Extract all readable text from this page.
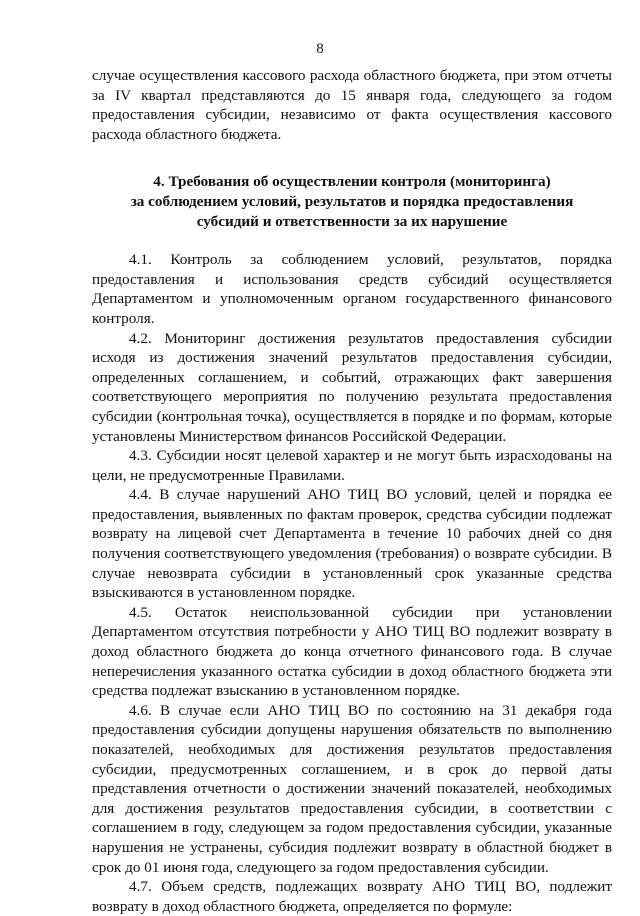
8

случае осуществления кассового расхода областного бюджета, при этом отчеты за IV квартал представляются до 15 января года, следующего за годом предоставления субсидии, независимо от факта осуществления кассового расхода областного бюджета.

4. Требования об осуществлении контроля (мониторинга)
за соблюдением условий, результатов и порядка предоставления
субсидий и ответственности за их нарушение

4.1. Контроль за соблюдением условий, результатов, порядка предоставления и использования средств субсидий осуществляется Департаментом и уполномоченным органом государственного финансового контроля.

4.2. Мониторинг достижения результатов предоставления субсидии исходя из достижения значений результатов предоставления субсидии, определенных соглашением, и событий, отражающих факт завершения соответствующего мероприятия по получению результата предоставления субсидии (контрольная точка), осуществляется в порядке и по формам, которые установлены Министерством финансов Российской Федерации.

4.3. Субсидии носят целевой характер и не могут быть израсходованы на цели, не предусмотренные Правилами.

4.4. В случае нарушений АНО ТИЦ ВО условий, целей и порядка ее предоставления, выявленных по фактам проверок, средства субсидии подлежат возврату на лицевой счет Департамента в течение 10 рабочих дней со дня получения соответствующего уведомления (требования) о возврате субсидии. В случае невозврата субсидии в установленный срок указанные средства взыскиваются в установленном порядке.

4.5. Остаток неиспользованной субсидии при установлении Департаментом отсутствия потребности у АНО ТИЦ ВО подлежит возврату в доход областного бюджета до конца отчетного финансового года. В случае неперечисления указанного остатка субсидии в доход областного бюджета эти средства подлежат взысканию в установленном порядке.

4.6. В случае если АНО ТИЦ ВО по состоянию на 31 декабря года предоставления субсидии допущены нарушения обязательств по выполнению показателей, необходимых для достижения результатов предоставления субсидии, предусмотренных соглашением, и в срок до первой даты представления отчетности о достижении значений показателей, необходимых для достижения результатов предоставления субсидии, в соответствии с соглашением в году, следующем за годом предоставления субсидии, указанные нарушения не устранены, субсидия подлежит возврату в областной бюджет в срок до 01 июня года, следующего за годом предоставления субсидии.

4.7. Объем средств, подлежащих возврату АНО ТИЦ ВО, подлежит возврату в доход областного бюджета, определяется по формуле:
